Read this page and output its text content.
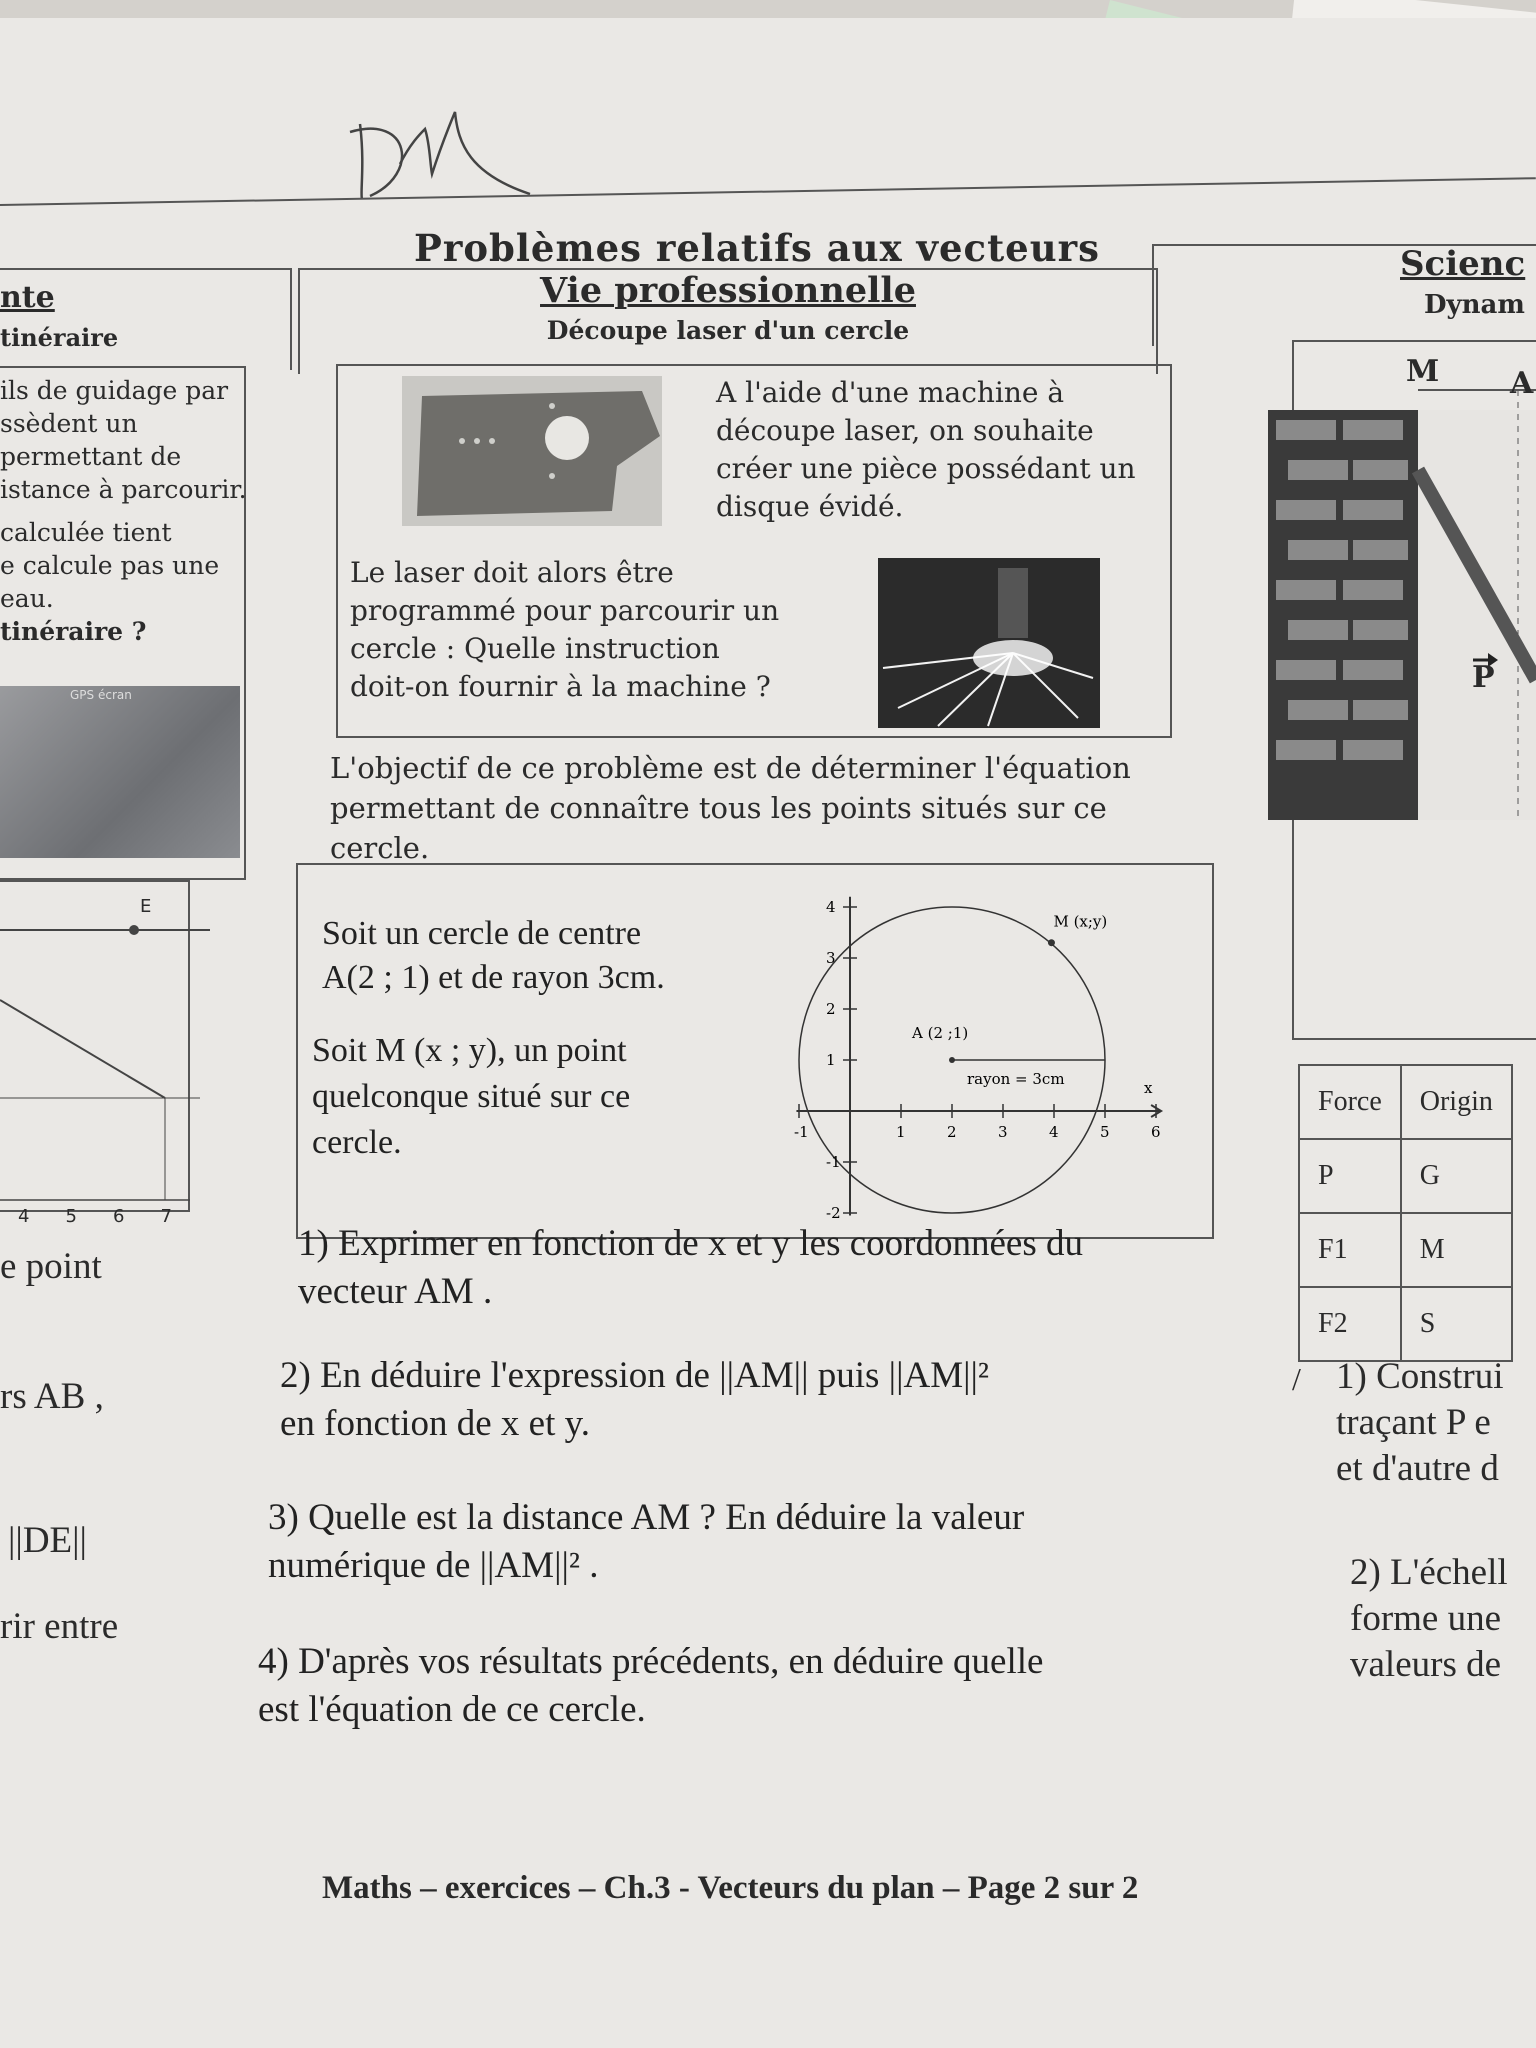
Problèmes relatifs aux vecteurs
nte
tinéraire
ils de guidage par
ssèdent un
permettant de
istance à parcourir.
calculée tient
e calcule pas une
eau.
tinéraire ?
GPS écran
E
4 5 6 7
e point
rs AB ,
||DE||
rir entre
Vie professionnelle
Découpe laser d'un cercle
A l'aide d'une machine à
découpe laser, on souhaite
créer une pièce possédant un
disque évidé.
Le laser doit alors être
programmé pour parcourir un
cercle : Quelle instruction
doit-on fournir à la machine ?
L'objectif de ce problème est de déterminer l'équation
permettant de connaître tous les points situés sur ce
cercle.
Soit un cercle de centre
A(2 ; 1) et de rayon 3cm.
Soit M (x ; y), un point
quelconque situé sur ce
cercle.	-1	1	2	3	4	5	6
-2
-1
1
2
3
4
x
A (2 ;1)
rayon = 3cm
M (x;y)
1) Exprimer en fonction de x et y les coordonnées du
vecteur AM .
2) En déduire l'expression de ||AM|| puis ||AM||²
en fonction de x et y.
3) Quelle est la distance AM ? En déduire la valeur
numérique de ||AM||² .
4) D'après vos résultats précédents, en déduire quelle
est l'équation de ce cercle.
Maths – exercices – Ch.3 - Vecteurs du plan – Page 2 sur 2
Scienc
Dynam
M A
P
Force	Origin
P	G
F1	M
F2	S
/ 1) Construi
traçant P e
et d'autre d
2) L'échell
forme une
valeurs de
